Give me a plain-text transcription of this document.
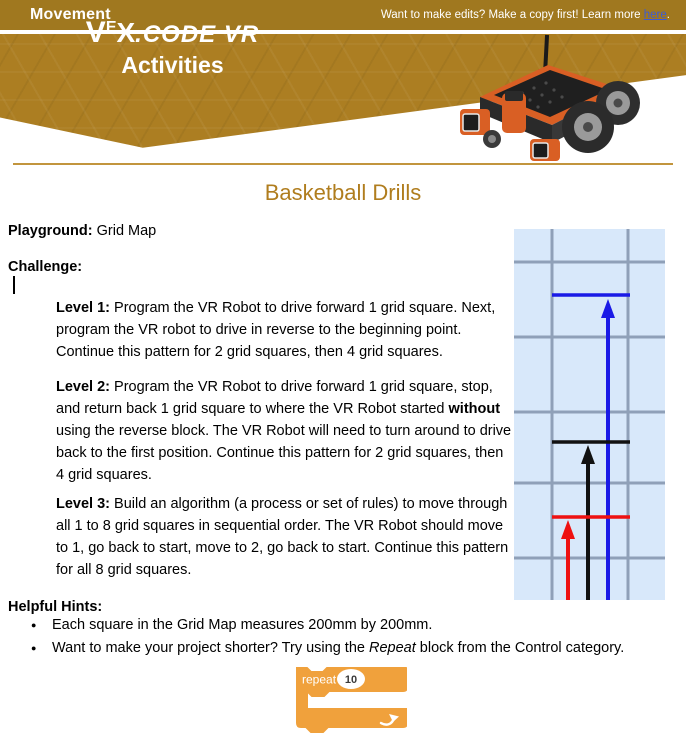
Movement	Want to make edits? Make a copy first! Learn more here.
VEX.CODE VR
Activities
Basketball Drills
Playground: Grid Map
Challenge:
Level 1: Program the VR Robot to drive forward 1 grid square. Next, program the VR robot to drive in reverse to the beginning point. Continue this pattern for 2 grid squares, then 4 grid squares.
Level 2: Program the VR Robot to drive forward 1 grid square, stop, and return back 1 grid square to where the VR Robot started without using the reverse block. The VR Robot will need to turn around to drive back to the first position. Continue this pattern for 2 grid squares, then 4 grid squares.
Level 3: Build an algorithm (a process or set of rules) to move through all 1 to 8 grid squares in sequential order. The VR Robot should move to 1, go back to start, move to 2, go back to start. Continue this pattern for all 8 grid squares.
Helpful Hints:
● Each square in the Grid Map measures 200mm by 200mm.
● Want to make your project shorter? Try using the Repeat block from the Control category.
repeat 10
